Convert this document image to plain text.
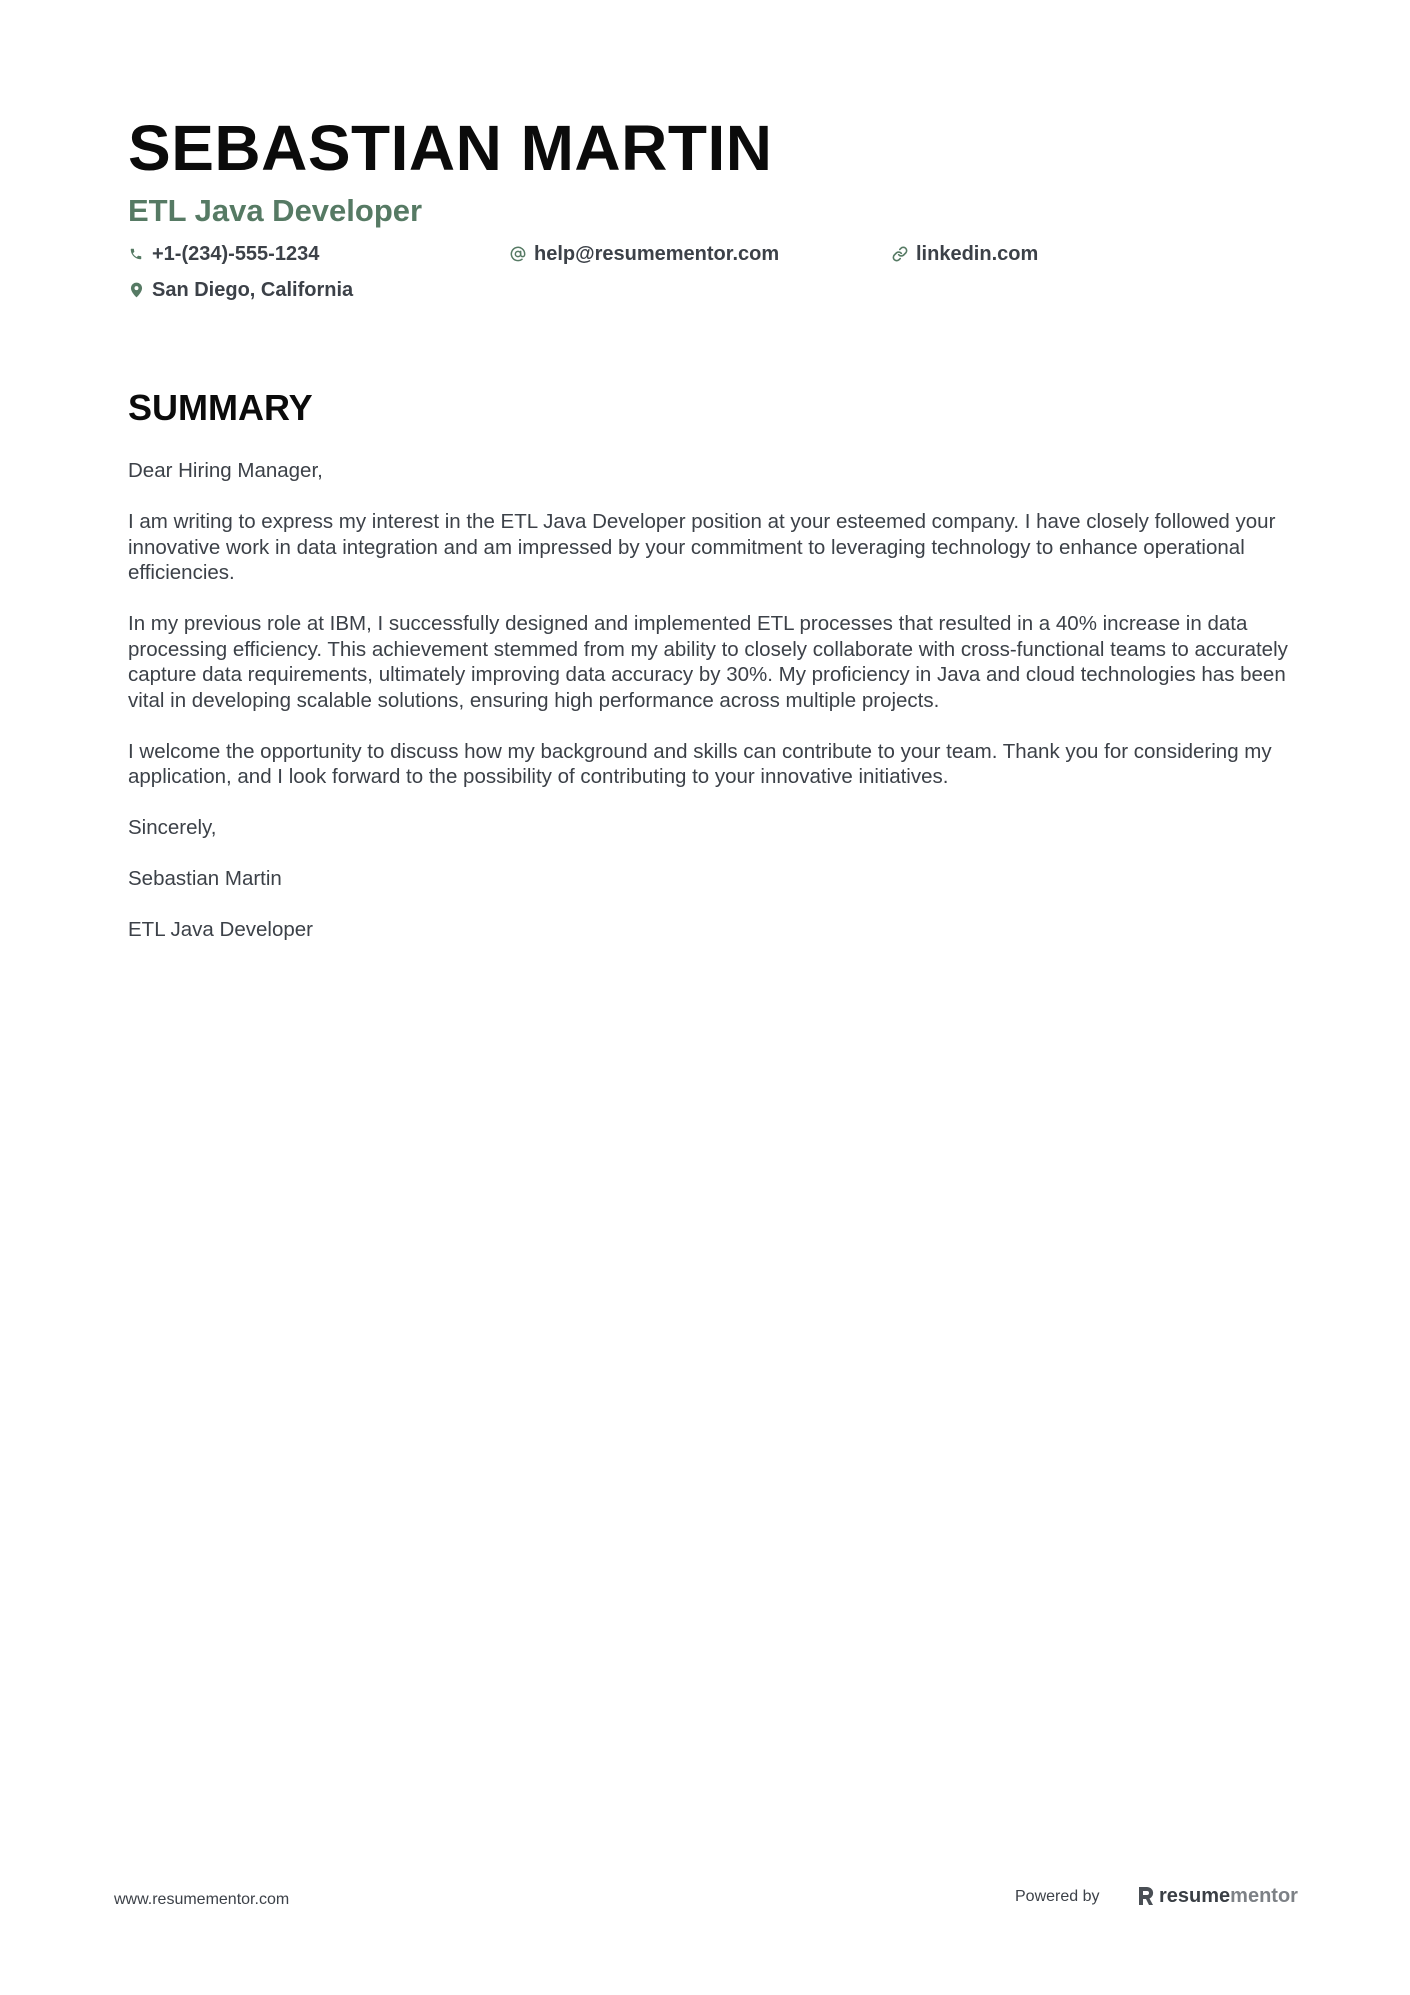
SEBASTIAN MARTIN
ETL Java Developer
+1-(234)-555-1234	help@resumementor.com	linkedin.com
San Diego, California
SUMMARY

Dear Hiring Manager,

I am writing to express my interest in the ETL Java Developer position at your esteemed company. I have closely followed your innovative work in data integration and am impressed by your commitment to leveraging technology to enhance operational efficiencies.

In my previous role at IBM, I successfully designed and implemented ETL processes that resulted in a 40% increase in data processing efficiency. This achievement stemmed from my ability to closely collaborate with cross-functional teams to accurately capture data requirements, ultimately improving data accuracy by 30%. My proficiency in Java and cloud technologies has been vital in developing scalable solutions, ensuring high performance across multiple projects.

I welcome the opportunity to discuss how my background and skills can contribute to your team. Thank you for considering my application, and I look forward to the possibility of contributing to your innovative initiatives.

Sincerely,

Sebastian Martin

ETL Java Developer

www.resumementor.com	Powered by	resume mentor
